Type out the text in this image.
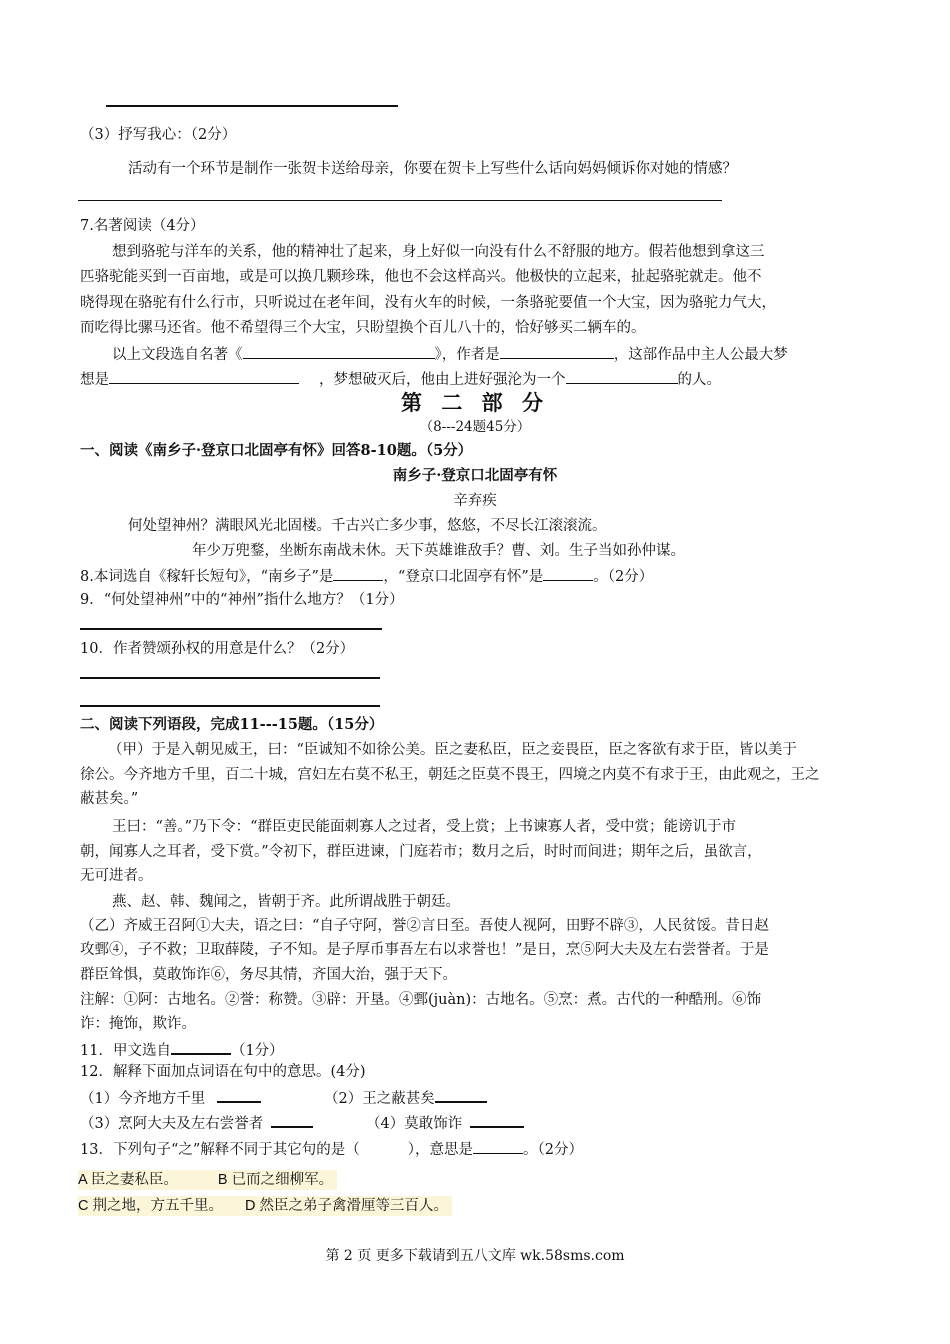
（3）抒写我心：（2分）
活动有一个环节是制作一张贺卡送给母亲，你要在贺卡上写些什么话向妈妈倾诉你对她的情感？
7.名著阅读（4分）
想到骆驼与洋车的关系，他的精神壮了起来，身上好似一向没有什么不舒服的地方。假若他想到拿这三
匹骆驼能买到一百亩地，或是可以换几颗珍珠，他也不会这样高兴。他极快的立起来，扯起骆驼就走。他不
晓得现在骆驼有什么行市，只听说过在老年间，没有火车的时候，一条骆驼要值一个大宝，因为骆驼力气大，
而吃得比骡马还省。他不希望得三个大宝，只盼望换个百儿八十的，恰好够买二辆车的。
以上文段选自名著《	》，作者是	，这部作品中主人公最大梦
想是	，梦想破灭后，他由上进好强沦为一个	的人。
第 二 部 分
（8---24题45分）
一、阅读《南乡子·登京口北固亭有怀》回答8-10题。（5分）
南乡子·登京口北固亭有怀
辛弃疾
何处望神州？满眼风光北固楼。千古兴亡多少事，悠悠，不尽长江滚滚流。
年少万兜鍪，坐断东南战未休。天下英雄谁敌手？曹、刘。生子当如孙仲谋。
8.本词选自《稼轩长短句》，“南乡子”是	，“登京口北固亭有怀”是	。（2分）
9．“何处望神州”中的“神州”指什么地方？（1分）
10．作者赞颂孙权的用意是什么？（2分）
二、阅读下列语段，完成11---15题。（15分）
（甲）于是入朝见威王，曰：“臣诚知不如徐公美。臣之妻私臣，臣之妾畏臣，臣之客欲有求于臣，皆以美于
徐公。今齐地方千里，百二十城，宫妇左右莫不私王，朝廷之臣莫不畏王，四境之内莫不有求于王，由此观之，王之
蔽甚矣。”
王曰：“善。”乃下令：“群臣吏民能面刺寡人之过者，受上赏；上书谏寡人者，受中赏；能谤讥于市
朝，闻寡人之耳者，受下赏。”令初下，群臣进谏，门庭若市；数月之后，时时而间进；期年之后，虽欲言，
无可进者。
燕、赵、韩、魏闻之，皆朝于齐。此所谓战胜于朝廷。
（乙）齐威王召阿①大夫，语之曰：“自子守阿，誉②言日至。吾使人视阿，田野不辟③，人民贫馁。昔日赵
攻鄄④，子不救；卫取薛陵，子不知。是子厚币事吾左右以求誉也！”是日，烹⑤阿大夫及左右尝誉者。于是
群臣耸惧，莫敢饰诈⑥，务尽其情，齐国大治，强于天下。
注解：①阿：古地名。②誉：称赞。③辟：开垦。④鄄(juàn)：古地名。⑤烹：煮。古代的一种酷刑。⑥饰
诈：掩饰，欺诈。
11．甲文选自	（1分）
12．解释下面加点词语在句中的意思。(4分)
（1）今齐地方千里	（2）王之蔽甚矣
（3）烹阿大夫及左右尝誉者	（4）莫敢饰诈
13．下列句子“之”解释不同于其它句的是（	），意思是	。（2分）
A 臣之妻私臣。	B 已而之细柳军。
C 荆之地，方五千里。 D 然臣之弟子禽滑厘等三百人。
第 2 页 更多下载请到五八文库 wk.58sms.com
